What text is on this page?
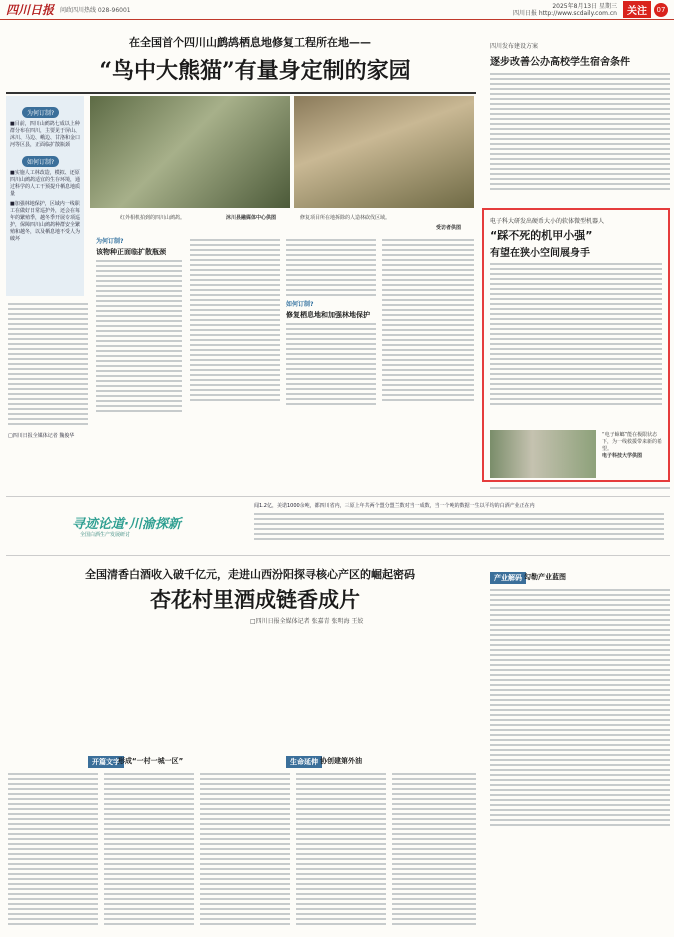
四川日报 问政四川热线 028-96001
2025年8月13日 星期三
四川日报 http://www.scdaily.com.cn	关注	07
在全国首个四川山鹧鸪栖息地修复工程所在地——
“鸟中大熊猫”有量身定制的家园
为何订制?
■目前，四川山鹧鸪七成以上种群分布在四川，主要见于屏山、沐川、马边、峨边、甘洛和金口河等区县，正面临扩散瓶颈
如何订制?
■实施人工林改造，模拟、还原四川山鹧鸪适宜的生存环境，通过科学的人工干预提升栖息地质量
■加强林地保护，区域内一线职工在做好日常巡护外，还会在每年的繁殖季，越冬季开展专项巡护，保障四川山鹧鸪种群安全繁殖和越冬，以及栖息地不受人为破坏
红外相机拍到的四川山鹧鸪。	沐川县融媒体中心供图	修复项目所在地拆除的人造林砍伐区域。
受访者供图
□四川日报全媒体记者 魏俊华
为何订制?
该物种正面临扩散瓶颈
如何订制?
修复栖息地和加强林地保护
四川发布建设方案
逐步改善公办高校学生宿舍条件
电子科大研发出硬币大小的软体微型机器人
“踩不死的机甲小强”
有望在狭小空间展身手
“电子蟑螂”能在极限状态下，为一线救援带来新的希望。
电子科技大学供图
寻迹论道·川渝探新
全国白酒生产发展研讨
闻1.2亿，美诺1000余吨，都四川省内，三原上年共两个盟分盟兰数对当一成数，当一个吨的数据一生以平均的白酒产业正在内
全国清香白酒收入破千亿元，走进山西汾阳探寻核心产区的崛起密码
杏花村里酒成链香成片
□四川日报全媒体记者 张嘉青 张明海 王姣
开篇文字
形成“一村一城一区”	生命延伸 协创建第外油
产业解码 勾勒产业蓝图
